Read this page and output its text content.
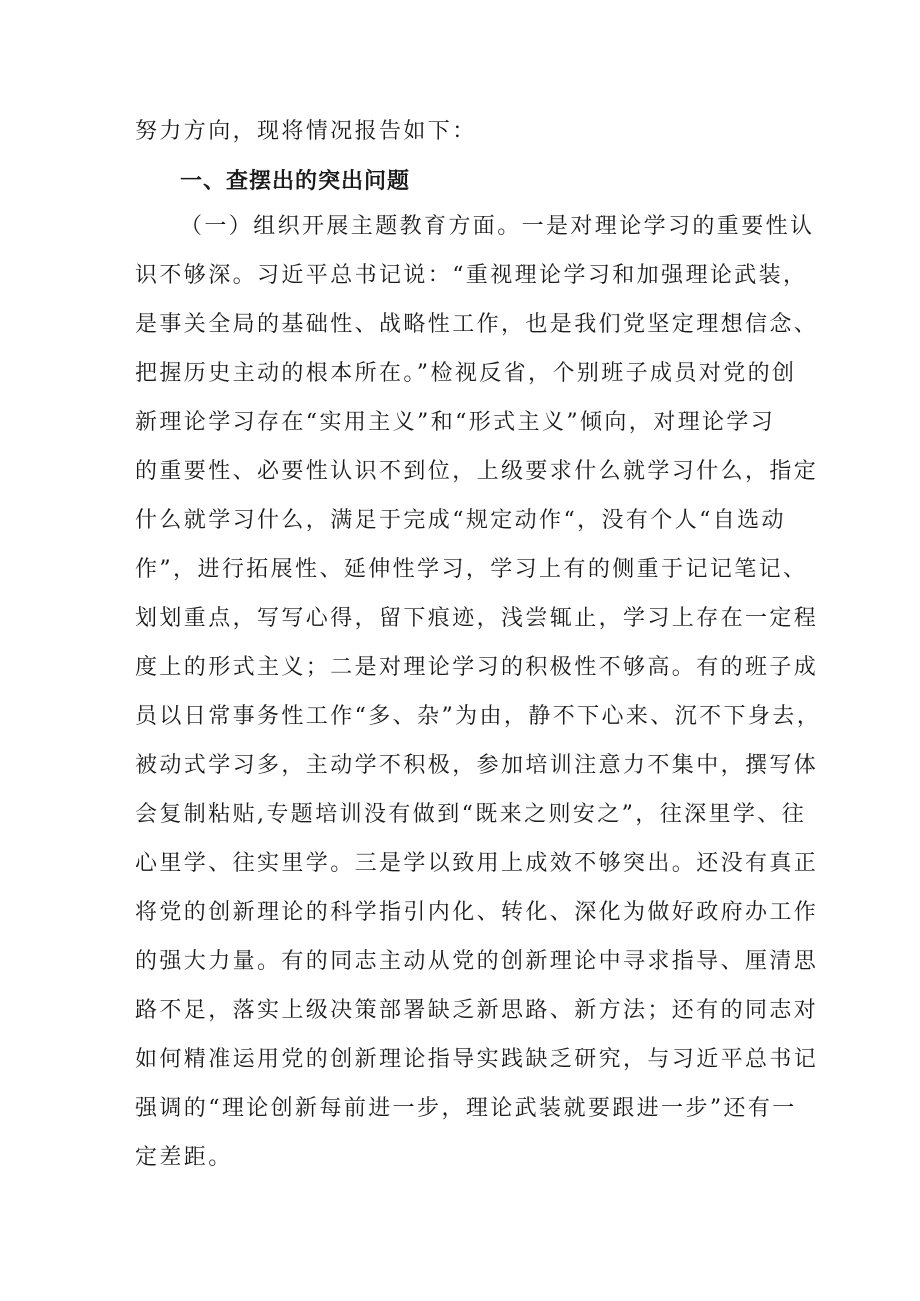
努力方向，现将情况报告如下：
一、查摆出的突出问题
（一）组织开展主题教育方面。一是对理论学习的重要性认
识不够深。习近平总书记说：“重视理论学习和加强理论武装，
是事关全局的基础性、战略性工作，也是我们党坚定理想信念、
把握历史主动的根本所在。”检视反省，个别班子成员对党的创
新理论学习存在“实用主义”和“形式主义”倾向，对理论学习
的重要性、必要性认识不到位，上级要求什么就学习什么，指定
什么就学习什么，满足于完成“规定动作“，没有个人“自选动
作”，进行拓展性、延伸性学习，学习上有的侧重于记记笔记、
划划重点，写写心得，留下痕迹，浅尝辄止，学习上存在一定程
度上的形式主义；二是对理论学习的积极性不够高。有的班子成
员以日常事务性工作“多、杂”为由，静不下心来、沉不下身去，
被动式学习多，主动学不积极，参加培训注意力不集中，撰写体
会复制粘贴,专题培训没有做到“既来之则安之”，往深里学、往
心里学、往实里学。三是学以致用上成效不够突出。还没有真正
将党的创新理论的科学指引内化、转化、深化为做好政府办工作
的强大力量。有的同志主动从党的创新理论中寻求指导、厘清思
路不足，落实上级决策部署缺乏新思路、新方法；还有的同志对
如何精准运用党的创新理论指导实践缺乏研究，与习近平总书记
强调的“理论创新每前进一步，理论武装就要跟进一步”还有一
定差距。
